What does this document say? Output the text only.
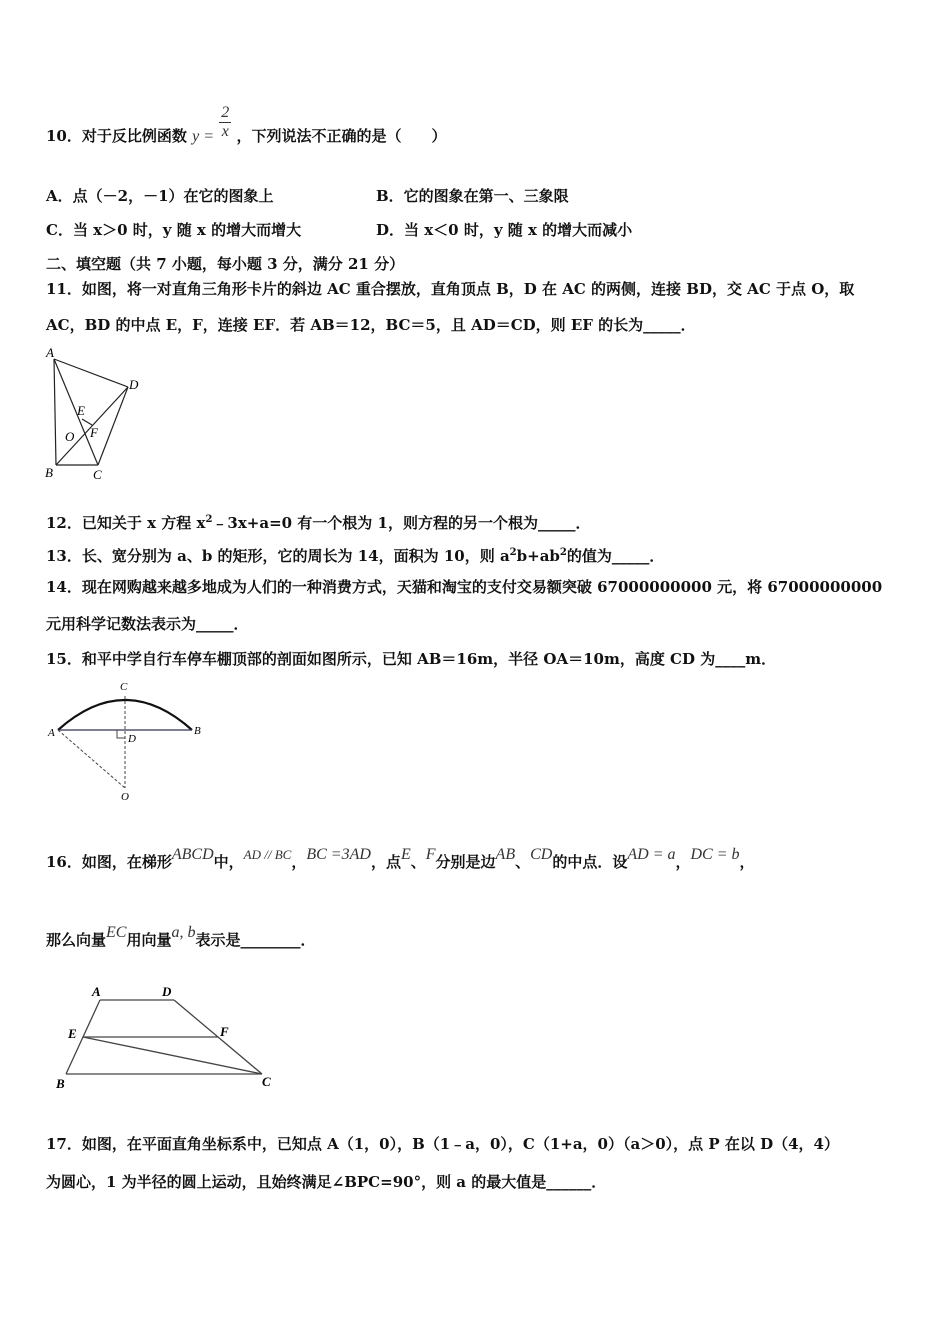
10．对于反比例函数 $y = \frac{2}{x}$ ，下列说法不正确的是（　　）
A．点（－2，－1）在它的图象上	B．它的图象在第一、三象限
C．当 x＞0 时，y 随 x 的增大而增大	D．当 x＜0 时，y 随 x 的增大而减小
二、填空题（共 7 小题，每小题 3 分，满分 21 分）
11．如图，将一对直角三角形卡片的斜边 AC 重合摆放，直角顶点 B，D 在 AC 的两侧，连接 BD，交 AC 于点 O，取
AC，BD 的中点 E，F，连接 EF．若 AB＝12，BC＝5，且 AD＝CD，则 EF 的长为_____．
A
D
E
O F
B	C
12．已知关于 x 方程 $x^2﹣3x+a=0$ 有一个根为 1，则方程的另一个根为_____．
13．长、宽分别为 a、b 的矩形，它的周长为 14，面积为 10，则 $a^2b+ab^2$的值为_____．
14．现在网购越来越多地成为人们的一种消费方式，天猫和淘宝的支付交易额突破 67000000000 元，将 67000000000
元用科学记数法表示为_____．
15．和平中学自行车停车棚顶部的剖面如图所示，已知 AB＝16m，半径 OA＝10m，高度 CD 为____m．
C
A	D
B
O
16．如图，在梯形ABCD中，AD // BC，BC =3AD，点E、F分别是边AB、CD的中点．设AD = a，DC = b，
那么向量EC用向量a, b表示是________．
A	D
E	F
B	C
17．如图，在平面直角坐标系中，已知点 A（1，0），B（1﹣a，0），C（1+a，0）（a＞0），点 P 在以 D（4，4）
为圆心，1 为半径的圆上运动，且始终满足∠BPC=90°，则 a 的最大值是______．
